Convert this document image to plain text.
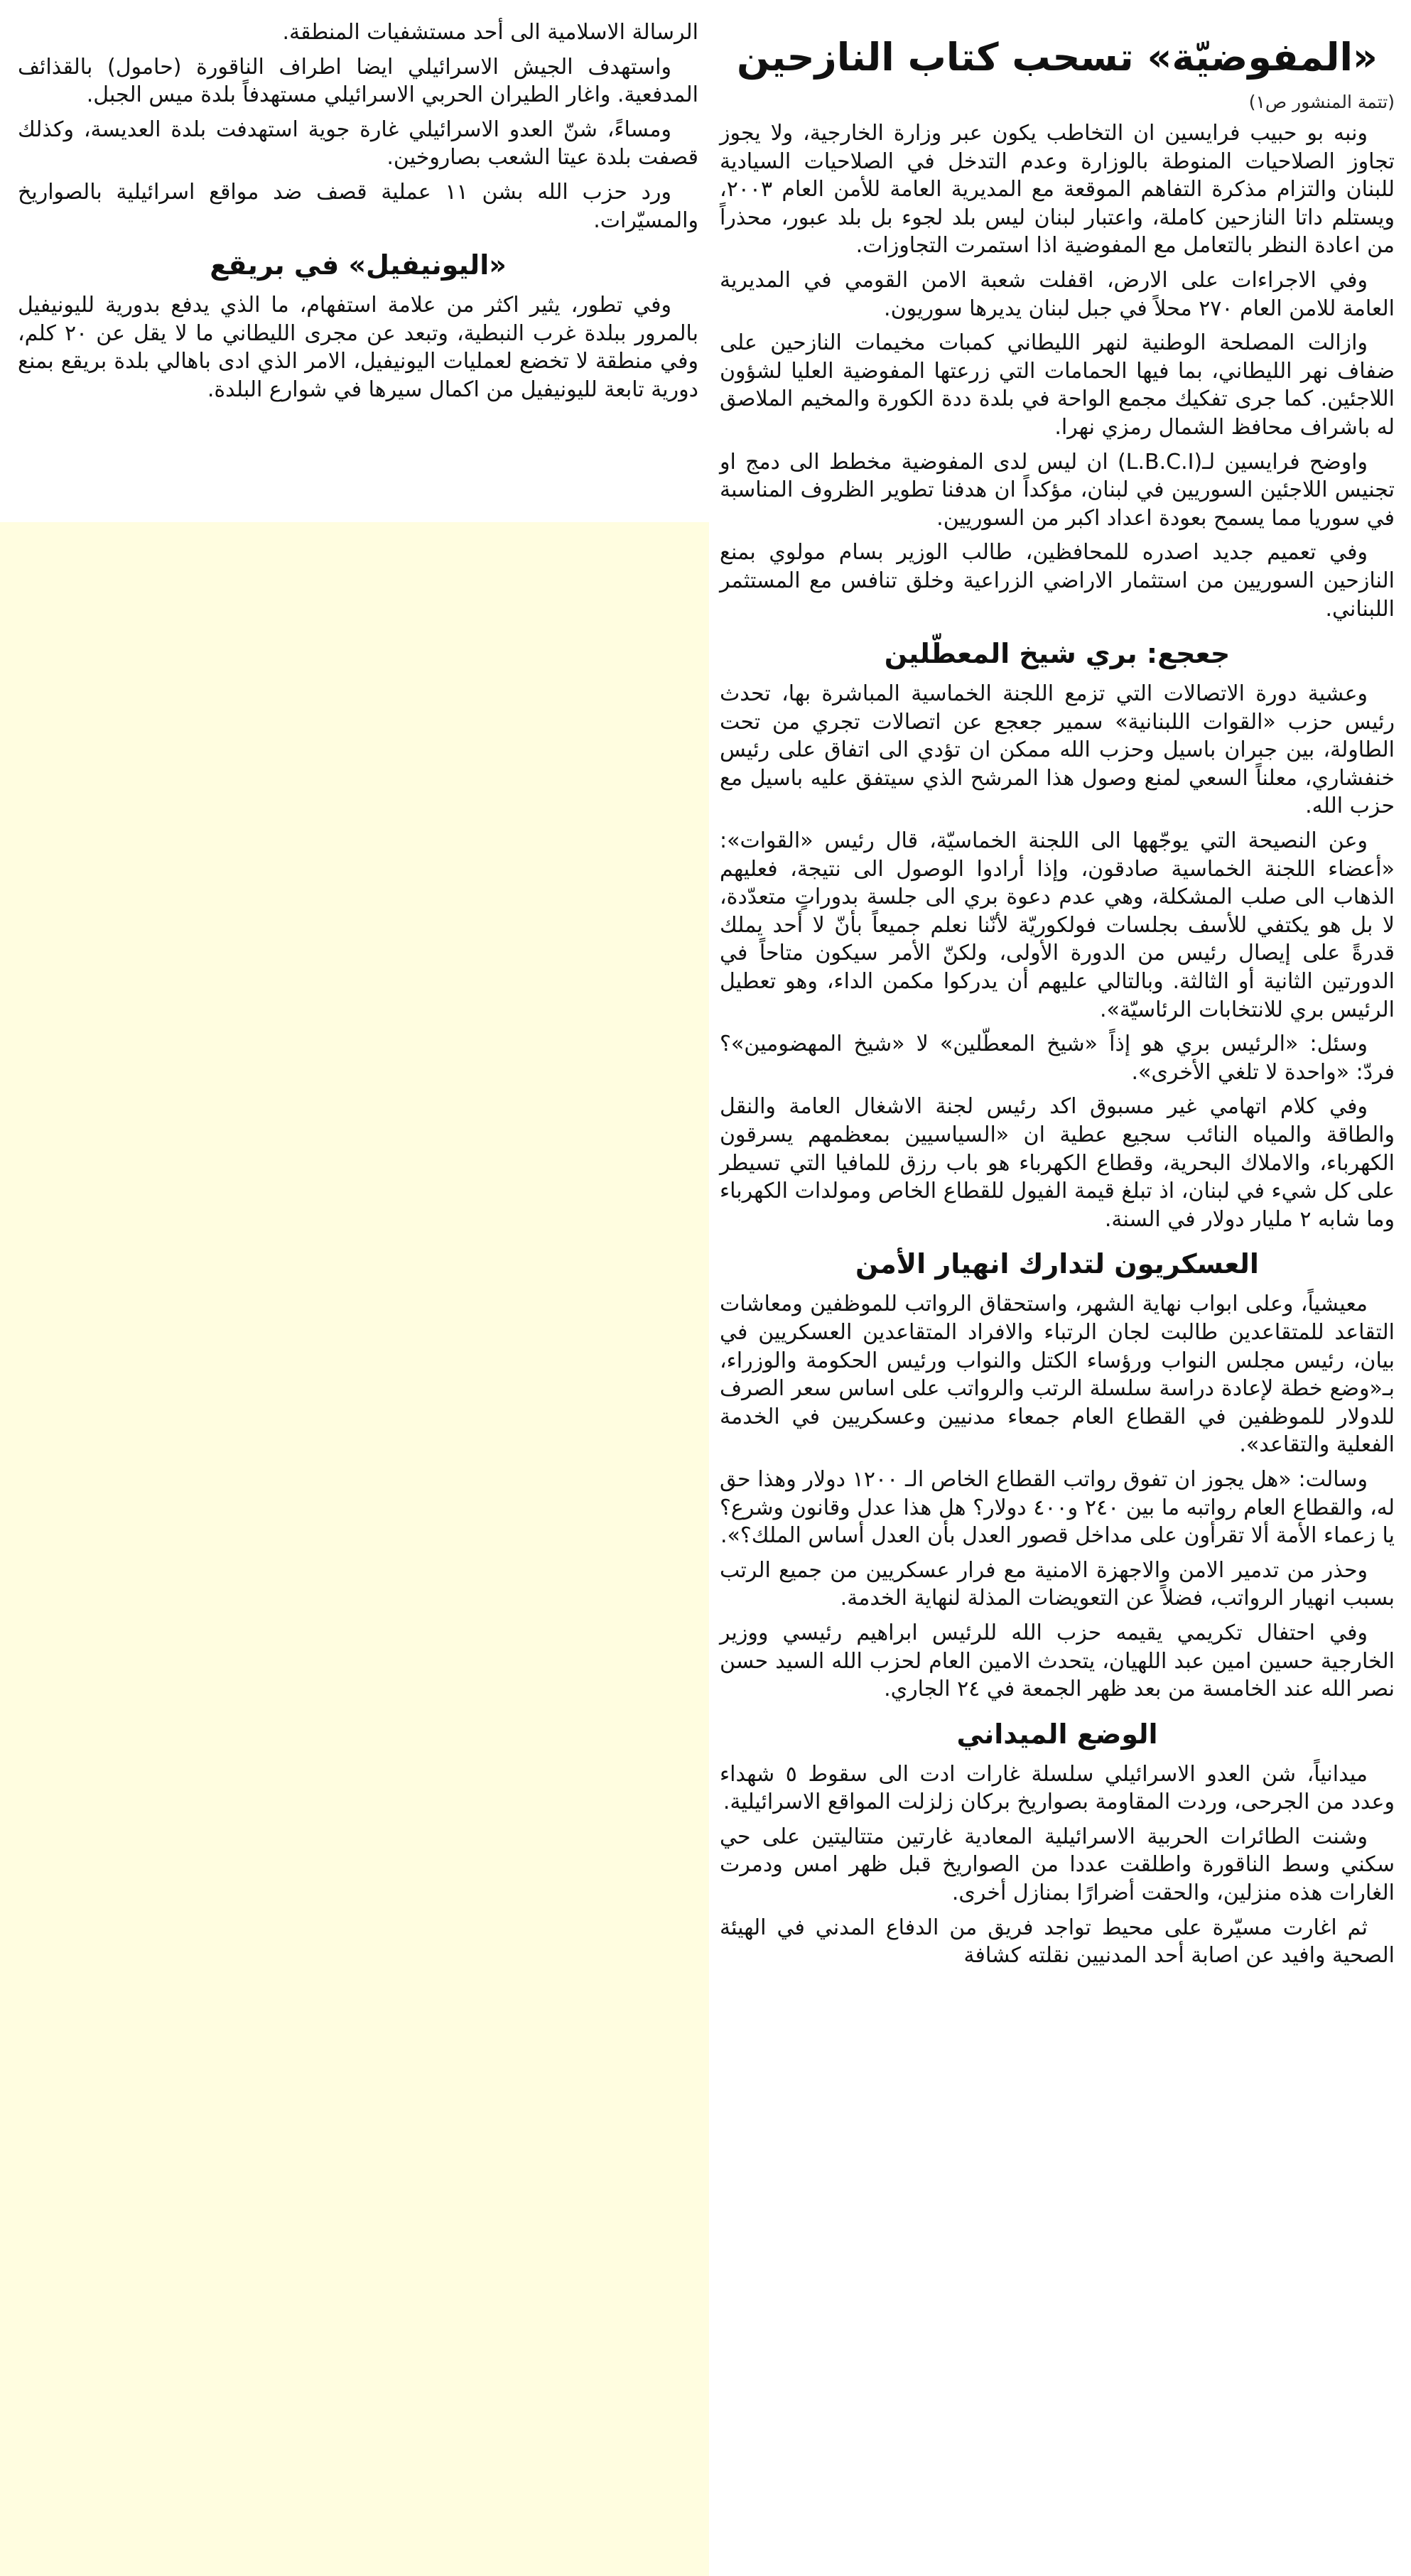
«المفوضيّة» تسحب كتاب النازحين
(تتمة المنشور ص١)

ونبه بو حبيب فرايسين ان التخاطب يكون عبر وزارة الخارجية، ولا يجوز تجاوز الصلاحيات المنوطة بالوزارة وعدم التدخل في الصلاحيات السيادية للبنان والتزام مذكرة التفاهم الموقعة مع المديرية العامة للأمن العام ٢٠٠٣، ويستلم داتا النازحين كاملة، واعتبار لبنان ليس بلد لجوء بل بلد عبور، محذراً من اعادة النظر بالتعامل مع المفوضية اذا استمرت التجاوزات.

وفي الاجراءات على الارض، اقفلت شعبة الامن القومي في المديرية العامة للامن العام ٢٧٠ محلاً في جبل لبنان يديرها سوريون.

وازالت المصلحة الوطنية لنهر الليطاني كمبات مخيمات النازحين على ضفاف نهر الليطاني، بما فيها الحمامات التي زرعتها المفوضية العليا لشؤون اللاجئين. كما جرى تفكيك مجمع الواحة في بلدة ددة الكورة والمخيم الملاصق له باشراف محافظ الشمال رمزي نهرا.

واوضح فرايسين لـ(L.B.C.I) ان ليس لدى المفوضية مخطط الى دمج او تجنيس اللاجئين السوريين في لبنان، مؤكداً ان هدفنا تطوير الظروف المناسبة في سوريا مما يسمح بعودة اعداد اكبر من السوريين.

وفي تعميم جديد اصدره للمحافظين، طالب الوزير بسام مولوي بمنع النازحين السوريين من استثمار الاراضي الزراعية وخلق تنافس مع المستثمر اللبناني.

جعجع: بري شيخ المعطّلين

وعشية دورة الاتصالات التي تزمع اللجنة الخماسية المباشرة بها، تحدث رئيس حزب «القوات اللبنانية» سمير جعجع عن اتصالات تجري من تحت الطاولة، بين جبران باسيل وحزب الله ممكن ان تؤدي الى اتفاق على رئيس خنفشاري، معلناً السعي لمنع وصول هذا المرشح الذي سيتفق عليه باسيل مع حزب الله.

وعن النصيحة التي يوجّهها الى اللجنة الخماسيّة، قال رئيس «القوات»: «أعضاء اللجنة الخماسية صادقون، وإذا أرادوا الوصول الى نتيجة، فعليهم الذهاب الى صلب المشكلة، وهي عدم دعوة بري الى جلسة بدوراتٍ متعدّدة، لا بل هو يكتفي للأسف بجلسات فولكوريّة لأنّنا نعلم جميعاً بأنّ لا أحد يملك قدرةً على إيصال رئيس من الدورة الأولى، ولكنّ الأمر سيكون متاحاً في الدورتين الثانية أو الثالثة. وبالتالي عليهم أن يدركوا مكمن الداء، وهو تعطيل الرئيس بري للانتخابات الرئاسيّة».

وسئل: «الرئيس بري هو إذاً «شيخ المعطّلين» لا «شيخ المهضومين»؟ فردّ: «واحدة لا تلغي الأخرى».

وفي كلام اتهامي غير مسبوق اكد رئيس لجنة الاشغال العامة والنقل والطاقة والمياه النائب سجيع عطية ان «السياسيين بمعظمهم يسرقون الكهرباء، والاملاك البحرية، وقطاع الكهرباء هو باب رزق للمافيا التي تسيطر على كل شيء في لبنان، اذ تبلغ قيمة الفيول للقطاع الخاص ومولدات الكهرباء وما شابه ٢ مليار دولار في السنة.

العسكريون لتدارك انهيار الأمن

معيشياً، وعلى ابواب نهاية الشهر، واستحقاق الرواتب للموظفين ومعاشات التقاعد للمتقاعدين طالبت لجان الرتباء والافراد المتقاعدين العسكريين في بيان، رئيس مجلس النواب ورؤساء الكتل والنواب ورئيس الحكومة والوزراء، بـ«وضع خطة لإعادة دراسة سلسلة الرتب والرواتب على اساس سعر الصرف للدولار للموظفين في القطاع العام جمعاء مدنيين وعسكريين في الخدمة الفعلية والتقاعد».

وسالت: «هل يجوز ان تفوق رواتب القطاع الخاص الـ ١٢٠٠ دولار وهذا حق له، والقطاع العام رواتبه ما بين ٢٤٠ و٤٠٠ دولار؟ هل هذا عدل وقانون وشرع؟ يا زعماء الأمة ألا تقرأون على مداخل قصور العدل بأن العدل أساس الملك؟».

وحذر من تدمير الامن والاجهزة الامنية مع فرار عسكريين من جميع الرتب بسبب انهيار الرواتب، فضلاً عن التعويضات المذلة لنهاية الخدمة.

وفي احتفال تكريمي يقيمه حزب الله للرئيس ابراهيم رئيسي ووزير الخارجية حسين امين عبد اللهيان، يتحدث الامين العام لحزب الله السيد حسن نصر الله عند الخامسة من بعد ظهر الجمعة في ٢٤ الجاري.

الوضع الميداني

ميدانياً، شن العدو الاسرائيلي سلسلة غارات ادت الى سقوط ٥ شهداء وعدد من الجرحى، وردت المقاومة بصواريخ بركان زلزلت المواقع الاسرائيلية.

وشنت الطائرات الحربية الاسرائيلية المعادية غارتين متتاليتين على حي سكني وسط الناقورة واطلقت عددا من الصواريخ قبل ظهر امس ودمرت الغارات هذه منزلين، والحقت أضرارًا بمنازل أخرى.

ثم اغارت مسيّرة على محيط تواجد فريق من الدفاع المدني في الهيئة الصحية وافيد عن اصابة أحد المدنيين نقلته كشافة

الرسالة الاسلامية الى أحد مستشفيات المنطقة.

واستهدف الجيش الاسرائيلي ايضا اطراف الناقورة (حامول) بالقذائف المدفعية. واغار الطيران الحربي الاسرائيلي مستهدفاً بلدة ميس الجبل.

ومساءً، شنّ العدو الاسرائيلي غارة جوية استهدفت بلدة العديسة، وكذلك قصفت بلدة عيتا الشعب بصاروخين.

ورد حزب الله بشن ١١ عملية قصف ضد مواقع اسرائيلية بالصواريخ والمسيّرات.

«اليونيفيل» في بريقع

وفي تطور، يثير اكثر من علامة استفهام، ما الذي يدفع بدورية لليونيفيل بالمرور ببلدة غرب النبطية، وتبعد عن مجرى الليطاني ما لا يقل عن ٢٠ كلم، وفي منطقة لا تخضع لعمليات اليونيفيل، الامر الذي ادى باهالي بلدة بريقع بمنع دورية تابعة لليونيفيل من اكمال سيرها في شوارع البلدة.
